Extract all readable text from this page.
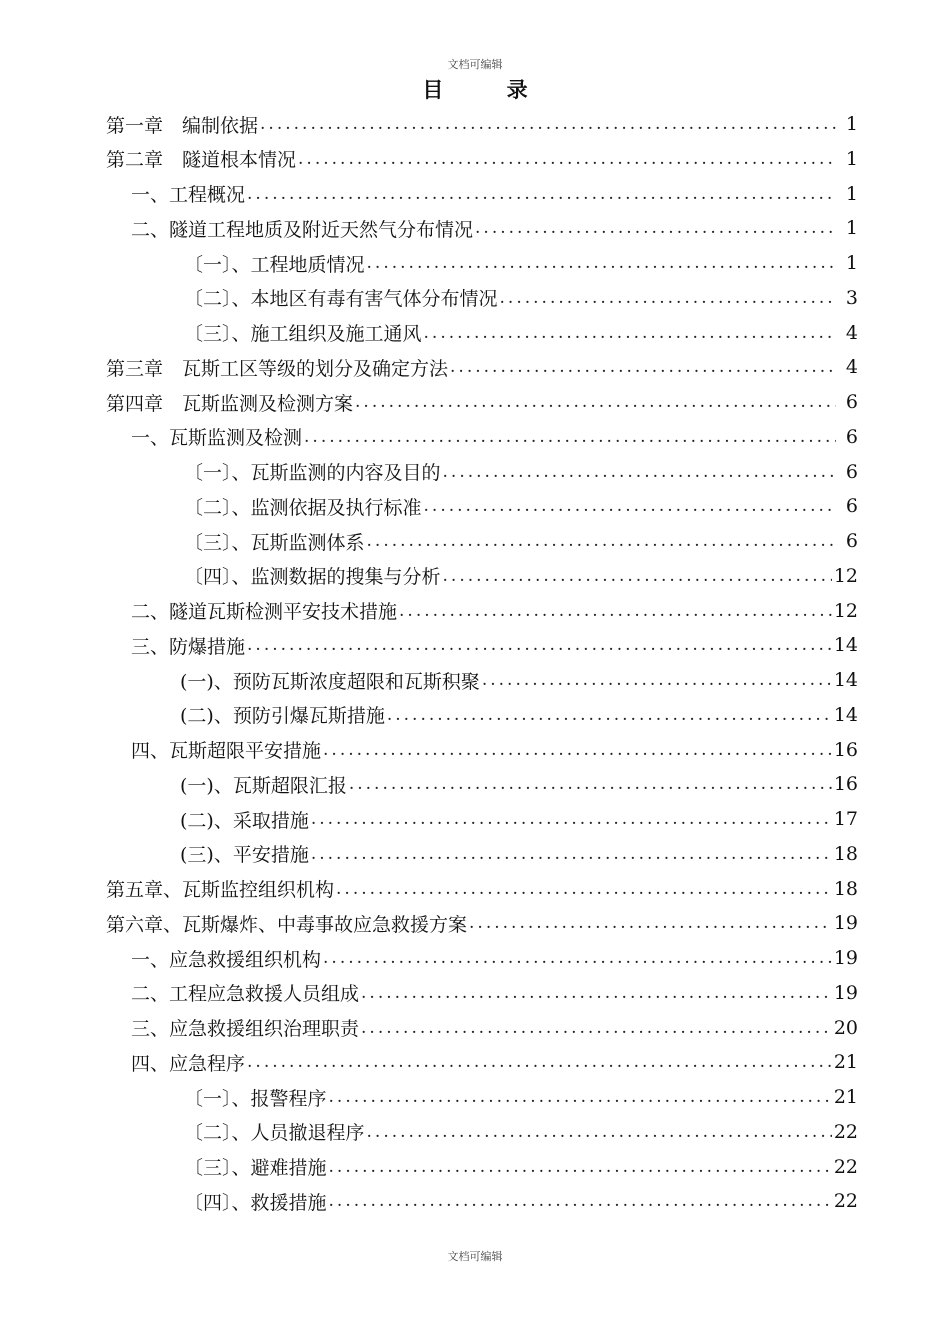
文档可编辑
目 录
第一章　编制依据 .....	1
第二章　隧道根本情况 .....	1
一、工程概况 .....	1
二、隧道工程地质及附近天然气分布情况 .....	1
〔一〕、工程地质情况 .....	1
〔二〕、本地区有毒有害气体分布情况 .....	3
〔三〕、施工组织及施工通风 .....	4
第三章　瓦斯工区等级的划分及确定方法 .....	4
第四章　瓦斯监测及检测方案 .....	6
一、瓦斯监测及检测 .....	6
〔一〕、瓦斯监测的内容及目的 .....	6
〔二〕、监测依据及执行标准 .....	6
〔三〕、瓦斯监测体系 .....	6
〔四〕、监测数据的搜集与分析 .....	12
二、隧道瓦斯检测平安技术措施 .....	12
三、防爆措施 .....	14
(一)、预防瓦斯浓度超限和瓦斯积聚 .....	14
(二)、预防引爆瓦斯措施 .....	14
四、瓦斯超限平安措施 .....	16
(一)、瓦斯超限汇报 .....	16
(二)、采取措施 .....	17
(三)、平安措施 .....	18
第五章、瓦斯监控组织机构 .....	18
第六章、瓦斯爆炸、中毒事故应急救援方案 .....	19
一、应急救援组织机构 .....	19
二、工程应急救援人员组成 .....	19
三、应急救援组织治理职责 .....	20
四、应急程序 .....	21
〔一〕、报警程序 .....	21
〔二〕、人员撤退程序 .....	22
〔三〕、避难措施 .....	22
〔四〕、救援措施 .....	22
文档可编辑
